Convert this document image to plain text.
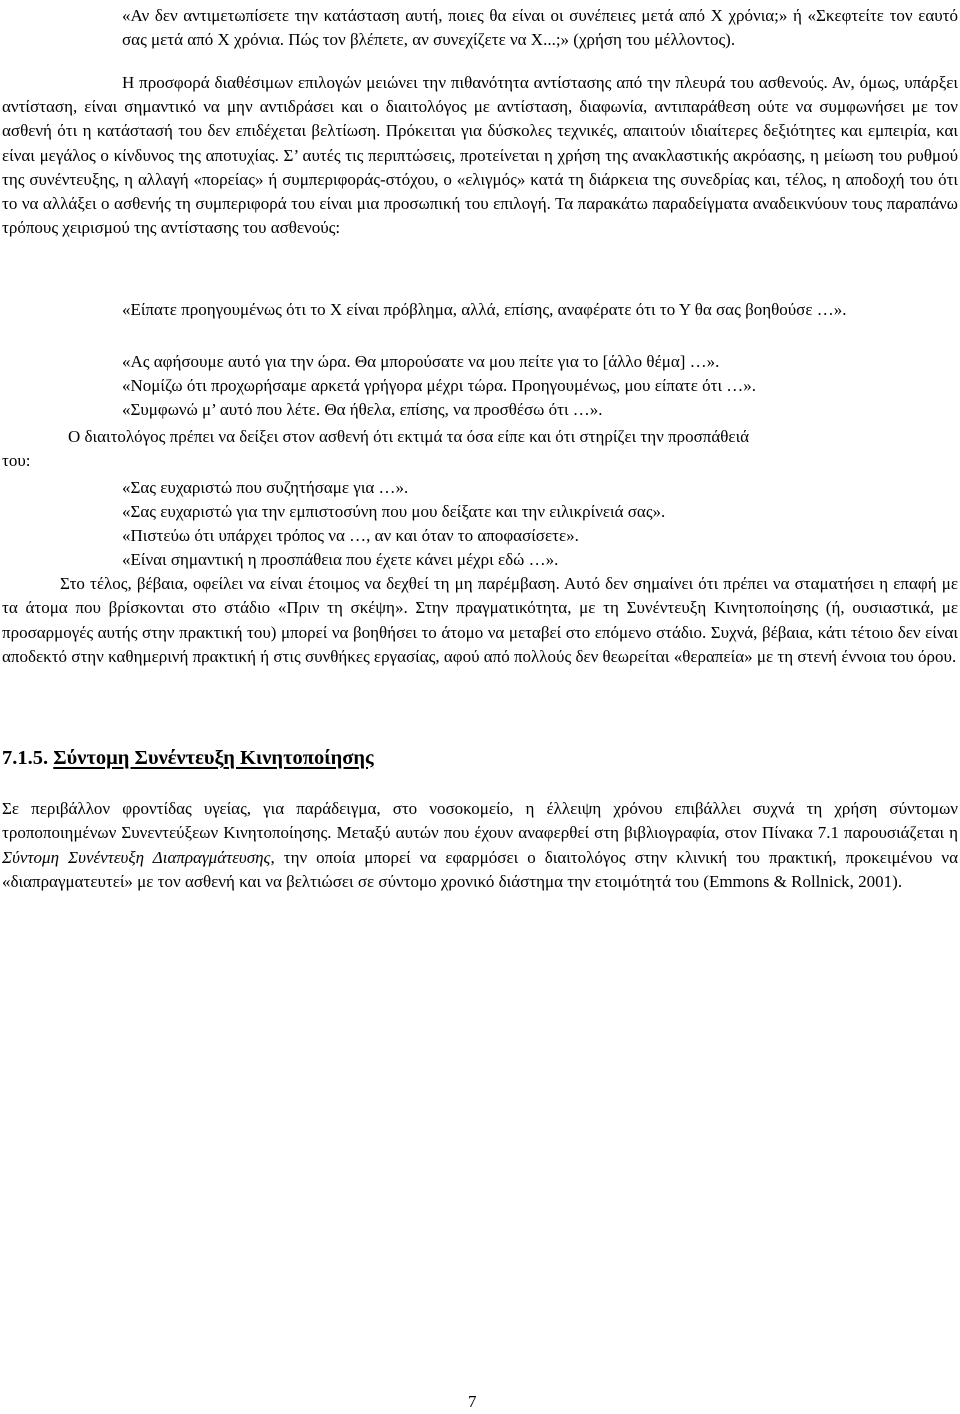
«Αν δεν αντιμετωπίσετε την κατάσταση αυτή, ποιες θα είναι οι συνέπειες μετά από Χ χρόνια;» ή «Σκεφτείτε τον εαυτό σας μετά από Χ χρόνια. Πώς τον βλέπετε, αν συνεχίζετε να Χ...;» (χρήση του μέλλοντος).

Η προσφορά διαθέσιμων επιλογών μειώνει την πιθανότητα αντίστασης από την πλευρά του ασθενούς. Αν, όμως, υπάρξει αντίσταση, είναι σημαντικό να μην αντιδράσει και ο διαιτολόγος με αντίσταση, διαφωνία, αντιπαράθεση ούτε να συμφωνήσει με τον ασθενή ότι η κατάστασή του δεν επιδέχεται βελτίωση. Πρόκειται για δύσκολες τεχνικές, απαιτούν ιδιαίτερες δεξιότητες και εμπειρία, και είναι μεγάλος ο κίνδυνος της αποτυχίας. Σ’ αυτές τις περιπτώσεις, προτείνεται η χρήση της ανακλαστικής ακρόασης, η μείωση του ρυθμού της συνέντευξης, η αλλαγή «πορείας» ή συμπεριφοράς-στόχου, ο «ελιγμός» κατά τη διάρκεια της συνεδρίας και, τέλος, η αποδοχή του ότι το να αλλάξει ο ασθενής τη συμπεριφορά του είναι μια προσωπική του επιλογή. Τα παρακάτω παραδείγματα αναδεικνύουν τους παραπάνω τρόπους χειρισμού της αντίστασης του ασθενούς:

«Είπατε προηγουμένως ότι το Χ είναι πρόβλημα, αλλά, επίσης, αναφέρατε ότι το Υ θα σας βοηθούσε …».

«Ας αφήσουμε αυτό για την ώρα. Θα μπορούσατε να μου πείτε για το [άλλο θέμα] …».

«Νομίζω ότι προχωρήσαμε αρκετά γρήγορα μέχρι τώρα. Προηγουμένως, μου είπατε ότι …».

«Συμφωνώ μ’ αυτό που λέτε. Θα ήθελα, επίσης, να προσθέσω ότι …».

Ο διαιτολόγος πρέπει να δείξει στον ασθενή ότι εκτιμά τα όσα είπε και ότι στηρίζει την προσπάθειά

του:

«Σας ευχαριστώ που συζητήσαμε για …».

«Σας ευχαριστώ για την εμπιστοσύνη που μου δείξατε και την ειλικρίνειά σας».

«Πιστεύω ότι υπάρχει τρόπος να …, αν και όταν το αποφασίσετε».

«Είναι σημαντική η προσπάθεια που έχετε κάνει μέχρι εδώ …».

Στο τέλος, βέβαια, οφείλει να είναι έτοιμος να δεχθεί τη μη παρέμβαση. Αυτό δεν σημαίνει ότι πρέπει να σταματήσει η επαφή με τα άτομα που βρίσκονται στο στάδιο «Πριν τη σκέψη». Στην πραγματικότητα, με τη Συνέντευξη Κινητοποίησης (ή, ουσιαστικά, με προσαρμογές αυτής στην πρακτική του) μπορεί να βοηθήσει το άτομο να μεταβεί στο επόμενο στάδιο. Συχνά, βέβαια, κάτι τέτοιο δεν είναι αποδεκτό στην καθημερινή πρακτική ή στις συνθήκες εργασίας, αφού από πολλούς δεν θεωρείται «θεραπεία» με τη στενή έννοια του όρου.

7.1.5. Σύντομη Συνέντευξη Κινητοποίησης

Σε περιβάλλον φροντίδας υγείας, για παράδειγμα, στο νοσοκομείο, η έλλειψη χρόνου επιβάλλει συχνά τη χρήση σύντομων τροποποιημένων Συνεντεύξεων Κινητοποίησης. Μεταξύ αυτών που έχουν αναφερθεί στη βιβλιογραφία, στον Πίνακα 7.1 παρουσιάζεται η Σύντομη Συνέντευξη Διαπραγμάτευσης, την οποία μπορεί να εφαρμόσει ο διαιτολόγος στην κλινική του πρακτική, προκειμένου να «διαπραγματευτεί» με τον ασθενή και να βελτιώσει σε σύντομο χρονικό διάστημα την ετοιμότητά του (Emmons & Rollnick, 2001).

7
